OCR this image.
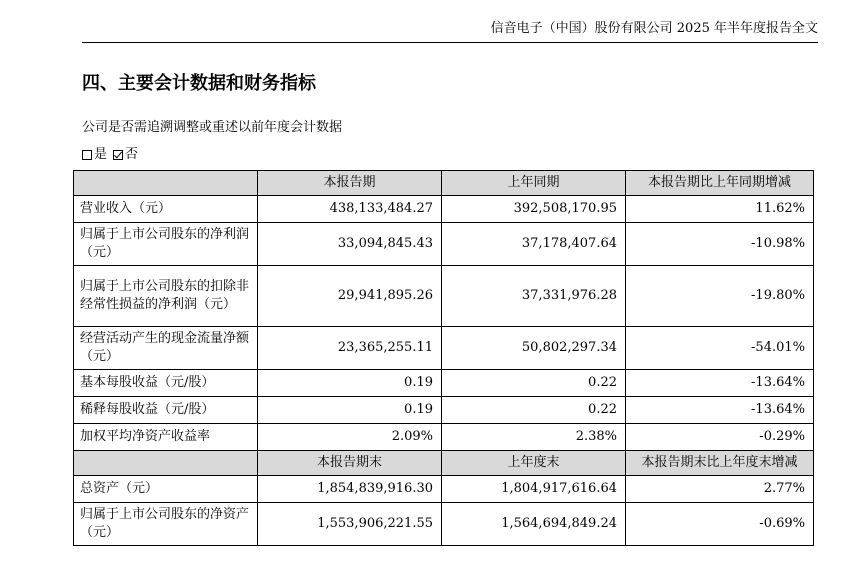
信音电子（中国）股份有限公司 2025 年半年度报告全文
四、主要会计数据和财务指标
公司是否需追溯调整或重述以前年度会计数据
是 否
	本报告期	上年同期	本报告期比上年同期增减
营业收入（元）	438,133,484.27	392,508,170.95	11.62%
归属于上市公司股东的净利润（元）	33,094,845.43	37,178,407.64	-10.98%
归属于上市公司股东的扣除非经常性损益的净利润（元）	29,941,895.26	37,331,976.28	-19.80%
经营活动产生的现金流量净额（元）	23,365,255.11	50,802,297.34	-54.01%
基本每股收益（元/股）	0.19	0.22	-13.64%
稀释每股收益（元/股）	0.19	0.22	-13.64%
加权平均净资产收益率	2.09%	2.38%	-0.29%
	本报告期末	上年度末	本报告期末比上年度末增减
总资产（元）	1,854,839,916.30	1,804,917,616.64	2.77%
归属于上市公司股东的净资产（元）	1,553,906,221.55	1,564,694,849.24	-0.69%
